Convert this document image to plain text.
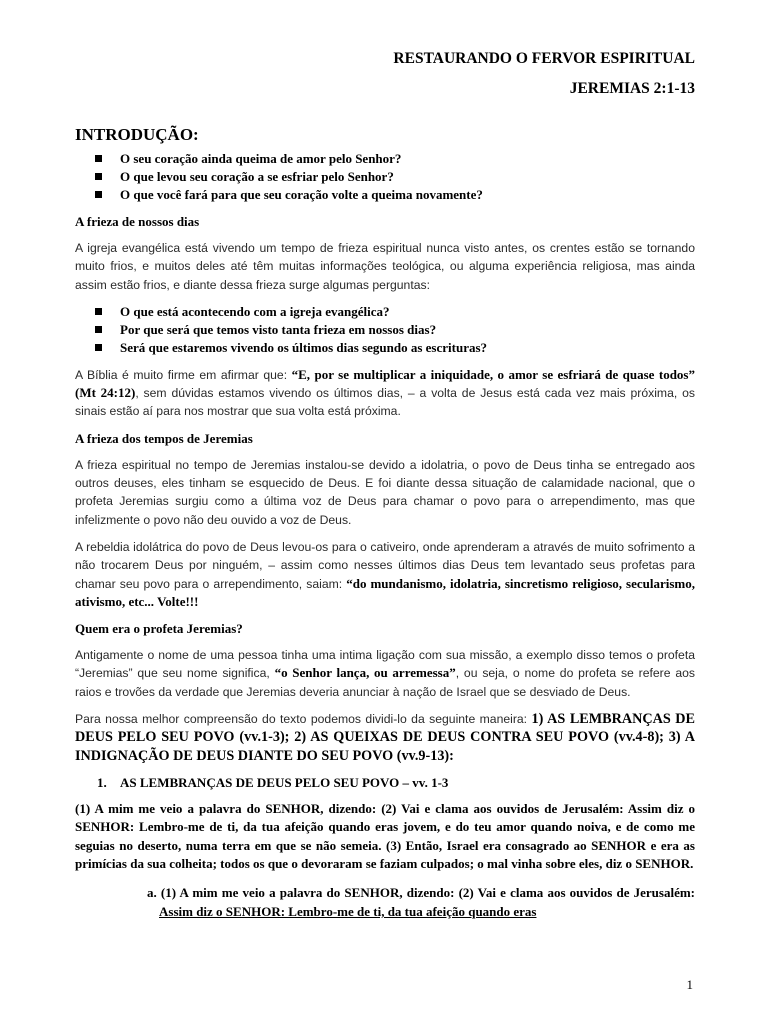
RESTAURANDO O FERVOR ESPIRITUAL
JEREMIAS 2:1-13
INTRODUÇÃO:
O seu coração ainda queima de amor pelo Senhor?
O que levou seu coração a se esfriar pelo Senhor?
O que você fará para que seu coração volte a queima novamente?
A frieza de nossos dias

A igreja evangélica está vivendo um tempo de frieza espiritual nunca visto antes, os crentes estão se tornando muito frios, e muitos deles até têm muitas informações teológica, ou alguma experiência religiosa, mas ainda assim estão frios, e diante dessa frieza surge algumas perguntas:

O que está acontecendo com a igreja evangélica?
Por que será que temos visto tanta frieza em nossos dias?
Será que estaremos vivendo os últimos dias segundo as escrituras?

A Bíblia é muito firme em afirmar que: “E, por se multiplicar a iniquidade, o amor se esfriará de quase todos” (Mt 24:12), sem dúvidas estamos vivendo os últimos dias, – a volta de Jesus está cada vez mais próxima, os sinais estão aí para nos mostrar que sua volta está próxima.

A frieza dos tempos de Jeremias

A frieza espiritual no tempo de Jeremias instalou-se devido a idolatria, o povo de Deus tinha se entregado aos outros deuses, eles tinham se esquecido de Deus. E foi diante dessa situação de calamidade nacional, que o profeta Jeremias surgiu como a última voz de Deus para chamar o povo para o arrependimento, mas que infelizmente o povo não deu ouvido a voz de Deus.

A rebeldia idolátrica do povo de Deus levou-os para o cativeiro, onde aprenderam a através de muito sofrimento a não trocarem Deus por ninguém, – assim como nesses últimos dias Deus tem levantado seus profetas para chamar seu povo para o arrependimento, saiam: “do mundanismo, idolatria, sincretismo religioso, secularismo, ativismo, etc... Volte!!!

Quem era o profeta Jeremias?

Antigamente o nome de uma pessoa tinha uma intima ligação com sua missão, a exemplo disso temos o profeta “Jeremias” que seu nome significa, “o Senhor lança, ou arremessa”, ou seja, o nome do profeta se refere aos raios e trovões da verdade que Jeremias deveria anunciar à nação de Israel que se desviado de Deus.

Para nossa melhor compreensão do texto podemos dividi-lo da seguinte maneira: 1) AS LEMBRANÇAS DE DEUS PELO SEU POVO (vv.1-3); 2) AS QUEIXAS DE DEUS CONTRA SEU POVO (vv.4-8); 3) A INDIGNAÇÃO DE DEUS DIANTE DO SEU POVO (vv.9-13):

1. AS LEMBRANÇAS DE DEUS PELO SEU POVO – vv. 1-3
(1) A mim me veio a palavra do SENHOR, dizendo: (2) Vai e clama aos ouvidos de Jerusalém: Assim diz o SENHOR: Lembro-me de ti, da tua afeição quando eras jovem, e do teu amor quando noiva, e de como me seguias no deserto, numa terra em que se não semeia. (3) Então, Israel era consagrado ao SENHOR e era as primícias da sua colheita; todos os que o devoraram se faziam culpados; o mal vinha sobre eles, diz o SENHOR.
a. (1) A mim me veio a palavra do SENHOR, dizendo: (2) Vai e clama aos ouvidos de Jerusalém: Assim diz o SENHOR: Lembro-me de ti, da tua afeição quando eras
1
